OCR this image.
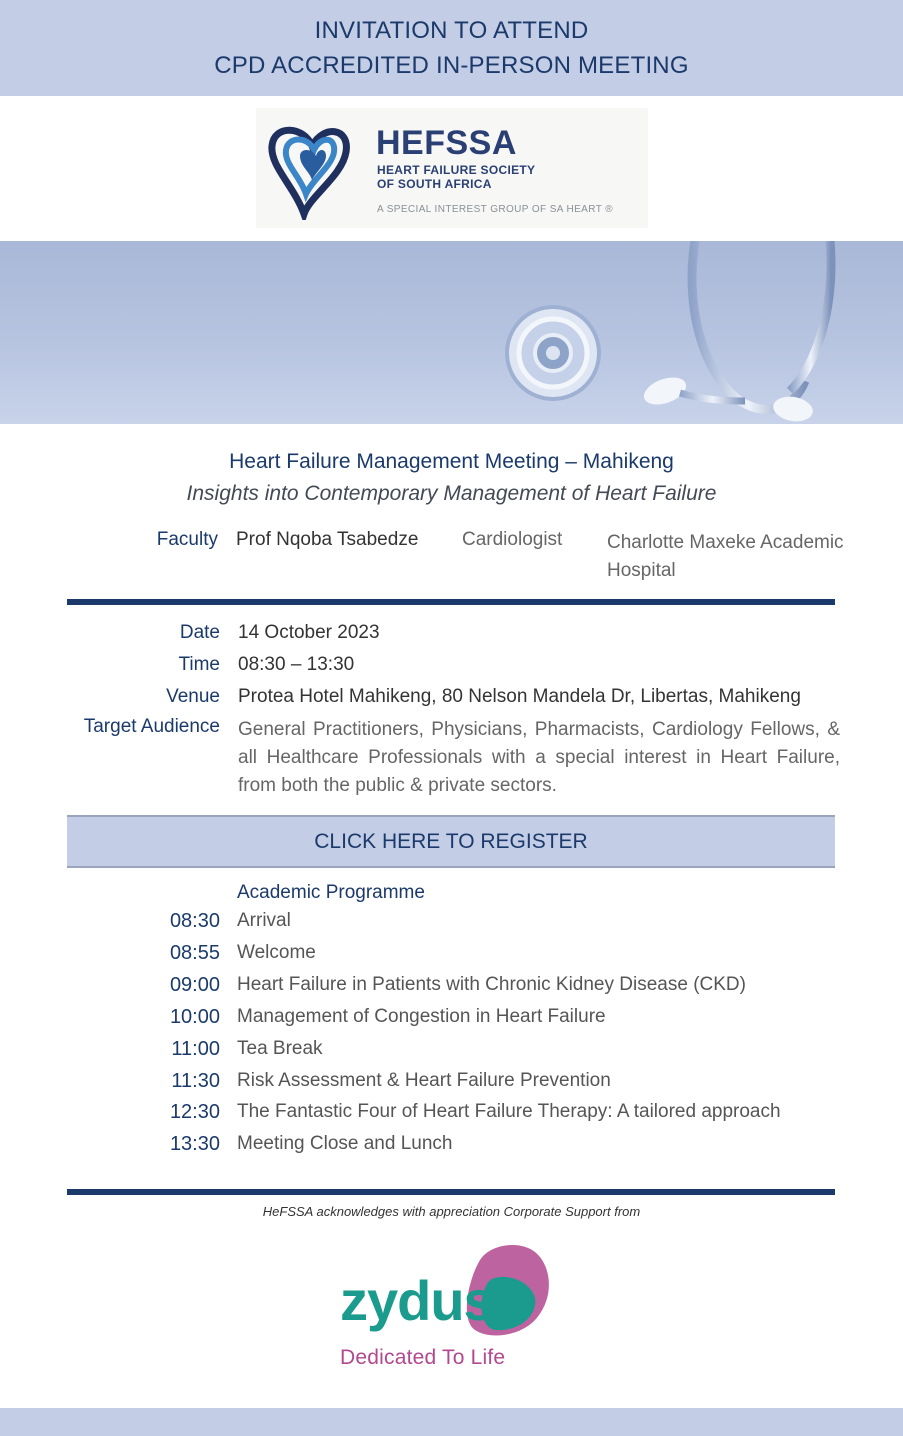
INVITATION TO ATTEND
CPD ACCREDITED IN-PERSON MEETING
HEFSSA
HEART FAILURE SOCIETY
OF SOUTH AFRICA
A SPECIAL INTEREST GROUP OF SA HEART ®
Heart Failure Management Meeting – Mahikeng
Insights into Contemporary Management of Heart Failure
Faculty Prof Nqoba Tsabedze Cardiologist Charlotte Maxeke Academic Hospital
Date 14 October 2023
Time 08:30 – 13:30
Venue Protea Hotel Mahikeng, 80 Nelson Mandela Dr, Libertas, Mahikeng
Target Audience General Practitioners, Physicians, Pharmacists, Cardiology Fellows, & all Healthcare Professionals with a special interest in Heart Failure, from both the public & private sectors.
CLICK HERE TO REGISTER
Academic Programme
08:30 Arrival
08:55 Welcome
09:00 Heart Failure in Patients with Chronic Kidney Disease (CKD)
10:00 Management of Congestion in Heart Failure
11:00 Tea Break
11:30 Risk Assessment & Heart Failure Prevention
12:30 The Fantastic Four of Heart Failure Therapy: A tailored approach
13:30 Meeting Close and Lunch
HeFSSA acknowledges with appreciation Corporate Support from
zydus
Dedicated To Life
